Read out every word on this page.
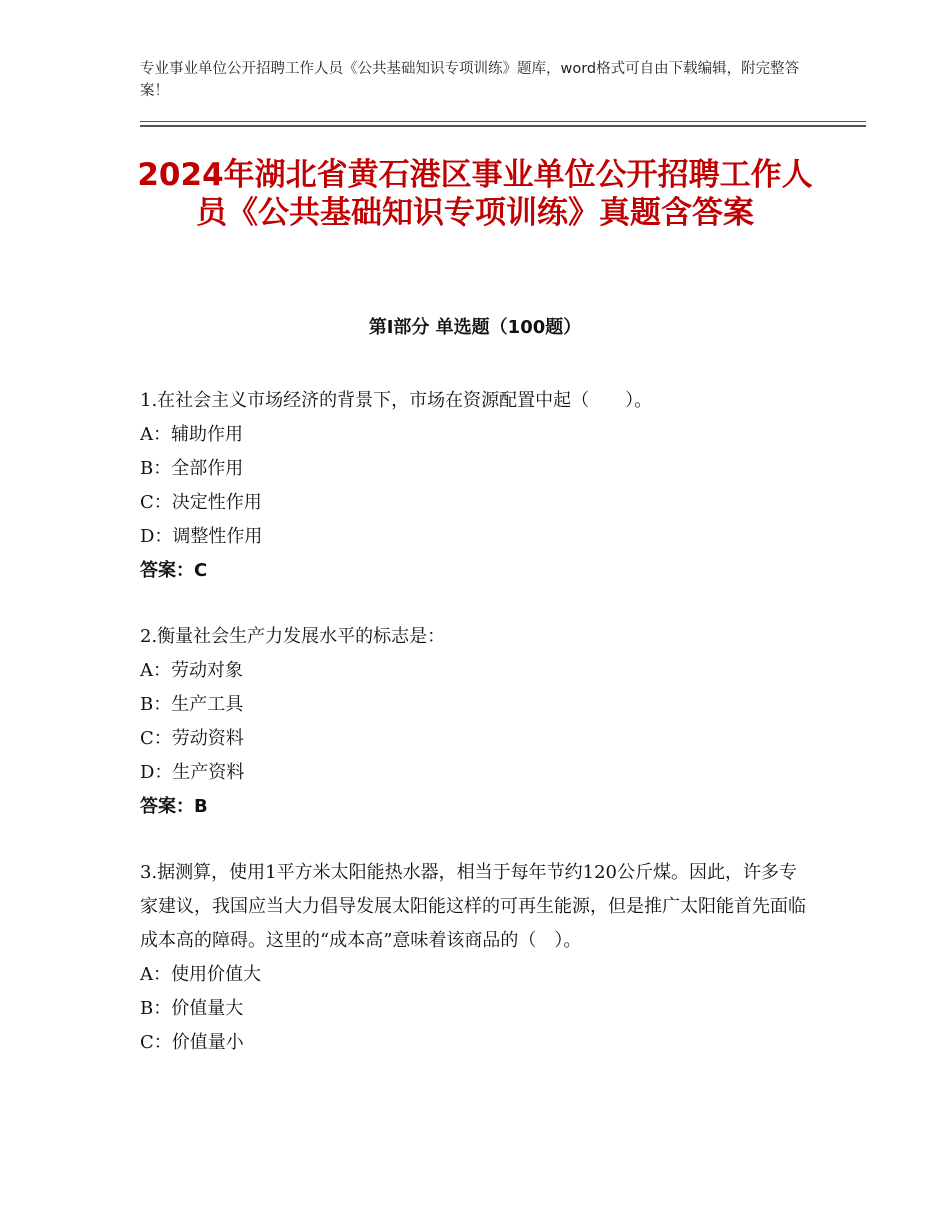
专业事业单位公开招聘工作人员《公共基础知识专项训练》题库，word格式可自由下载编辑，附完整答案！
2024年湖北省黄石港区事业单位公开招聘工作人员《公共基础知识专项训练》真题含答案
第Ⅰ部分 单选题（100题）

1.在社会主义市场经济的背景下，市场在资源配置中起（　　）。

A：辅助作用

B：全部作用

C：决定性作用

D：调整性作用

答案：C

2.衡量社会生产力发展水平的标志是：

A：劳动对象

B：生产工具

C：劳动资料

D：生产资料

答案：B

3.据测算，使用1平方米太阳能热水器，相当于每年节约120公斤煤。因此，许多专家建议，我国应当大力倡导发展太阳能这样的可再生能源，但是推广太阳能首先面临成本高的障碍。这里的“成本高”意味着该商品的（　）。

A：使用价值大

B：价值量大

C：价值量小
